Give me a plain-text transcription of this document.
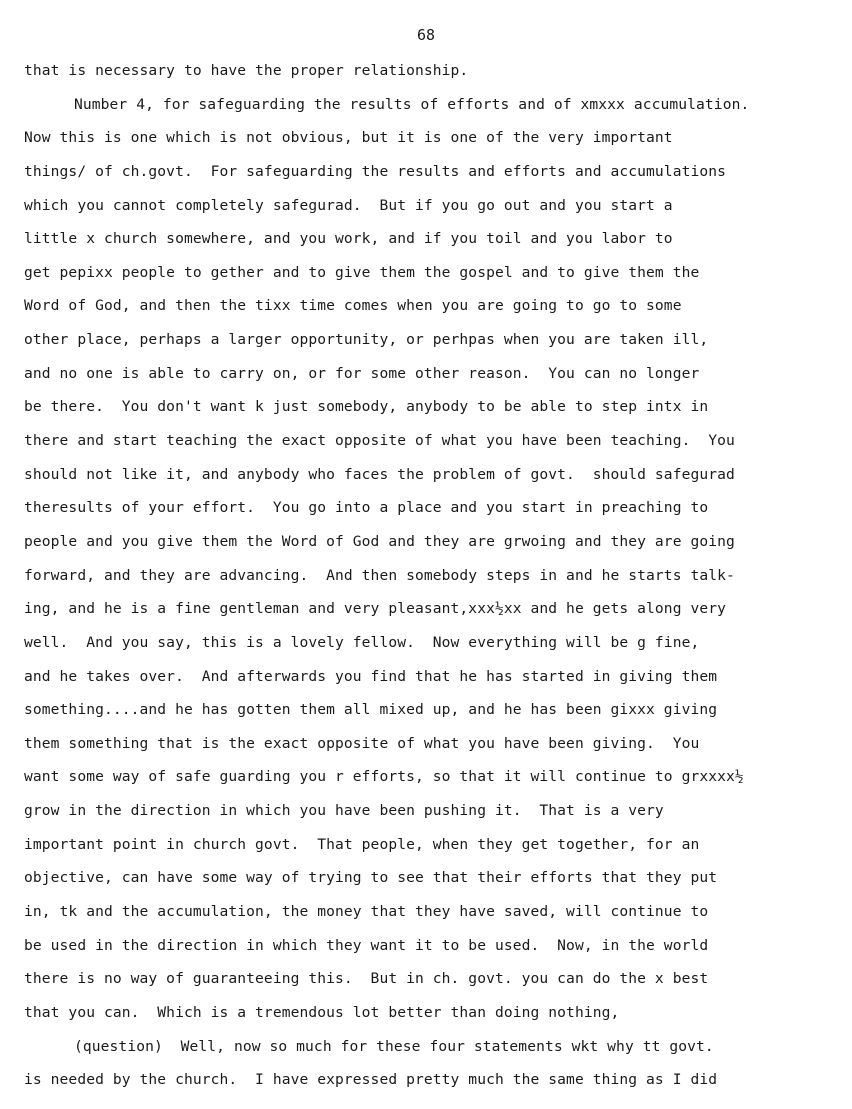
68
that is necessary to have the proper relationship.
Number 4, for safeguarding the results of efforts and of xmxxx accumulation.
Now this is one which is not obvious, but it is one of the very important
things/ of ch.govt.  For safeguarding the results and efforts and accumulations
which you cannot completely safegurad.  But if you go out and you start a
little x church somewhere, and you work, and if you toil and you labor to
get pepixx people to gether and to give them the gospel and to give them the
Word of God, and then the tixx time comes when you are going to go to some
other place, perhaps a larger opportunity, or perhpas when you are taken ill,
and no one is able to carry on, or for some other reason.  You can no longer
be there.  You don't want k just somebody, anybody to be able to step intx in
there and start teaching the exact opposite of what you have been teaching.  You
should not like it, and anybody who faces the problem of govt.  should safegurad
theresults of your effort.  You go into a place and you start in preaching to
people and you give them the Word of God and they are grwoing and they are going
forward, and they are advancing.  And then somebody steps in and he starts talk-
ing, and he is a fine gentleman and very pleasant,xxx½xx and he gets along very
well.  And you say, this is a lovely fellow.  Now everything will be g fine,
and he takes over.  And afterwards you find that he has started in giving them
something....and he has gotten them all mixed up, and he has been gixxx giving
them something that is the exact opposite of what you have been giving.  You
want some way of safe guarding you r efforts, so that it will continue to grxxxx½
grow in the direction in which you have been pushing it.  That is a very
important point in church govt.  That people, when they get together, for an
objective, can have some way of trying to see that their efforts that they put
in, tk and the accumulation, the money that they have saved, will continue to
be used in the direction in which they want it to be used.  Now, in the world
there is no way of guaranteeing this.  But in ch. govt. you can do the x best
that you can.  Which is a tremendous lot better than doing nothing,
(question)  Well, now so much for these four statements wkt why tt govt.
is needed by the church.  I have expressed pretty much the same thing as I did
